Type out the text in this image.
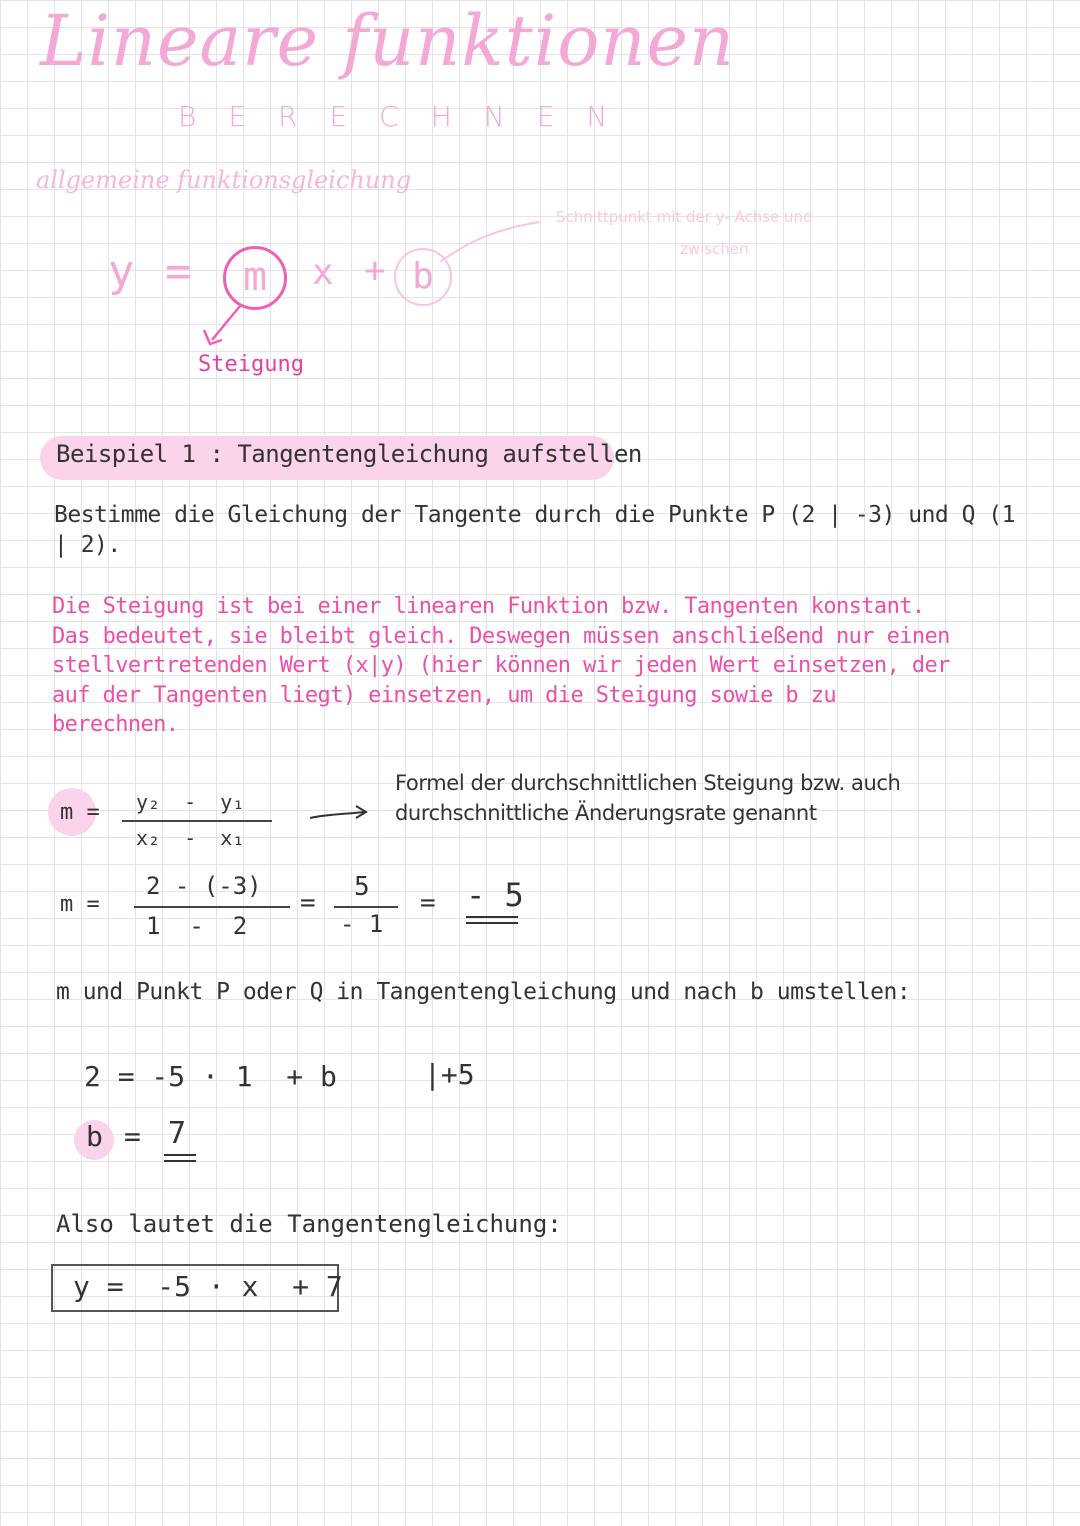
Lineare funktionen
BERECHNEN
allgemeine funktionsgleichung
Schnittpunkt mit der y- Achse und
zwischen
y =	m	x + b
Steigung
Beispiel 1 : Tangentengleichung aufstellen
Bestimme die Gleichung der Tangente durch die Punkte P (2 | -3) und Q (1 | 2).
Die Steigung ist bei einer linearen Funktion bzw. Tangenten konstant. Das bedeutet, sie bleibt gleich. Deswegen müssen anschließend nur einen stellvertretenden Wert (x|y) (hier können wir jeden Wert einsetzen, der auf der Tangenten liegt) einsetzen, um die Steigung sowie b zu berechnen.
m = y₂  -  y₁
x₂  -  x₁
Formel der durchschnittlichen Steigung bzw. auch durchschnittliche Änderungsrate genannt
m =
2 - (-3)
1  -  2
=
5
- 1
= - 5
m und Punkt P oder Q in Tangentengleichung und nach b umstellen:
2 = -5 · 1  + b	|+5
b = 7
Also lautet die Tangentengleichung:
y =  -5 · x  + 7
